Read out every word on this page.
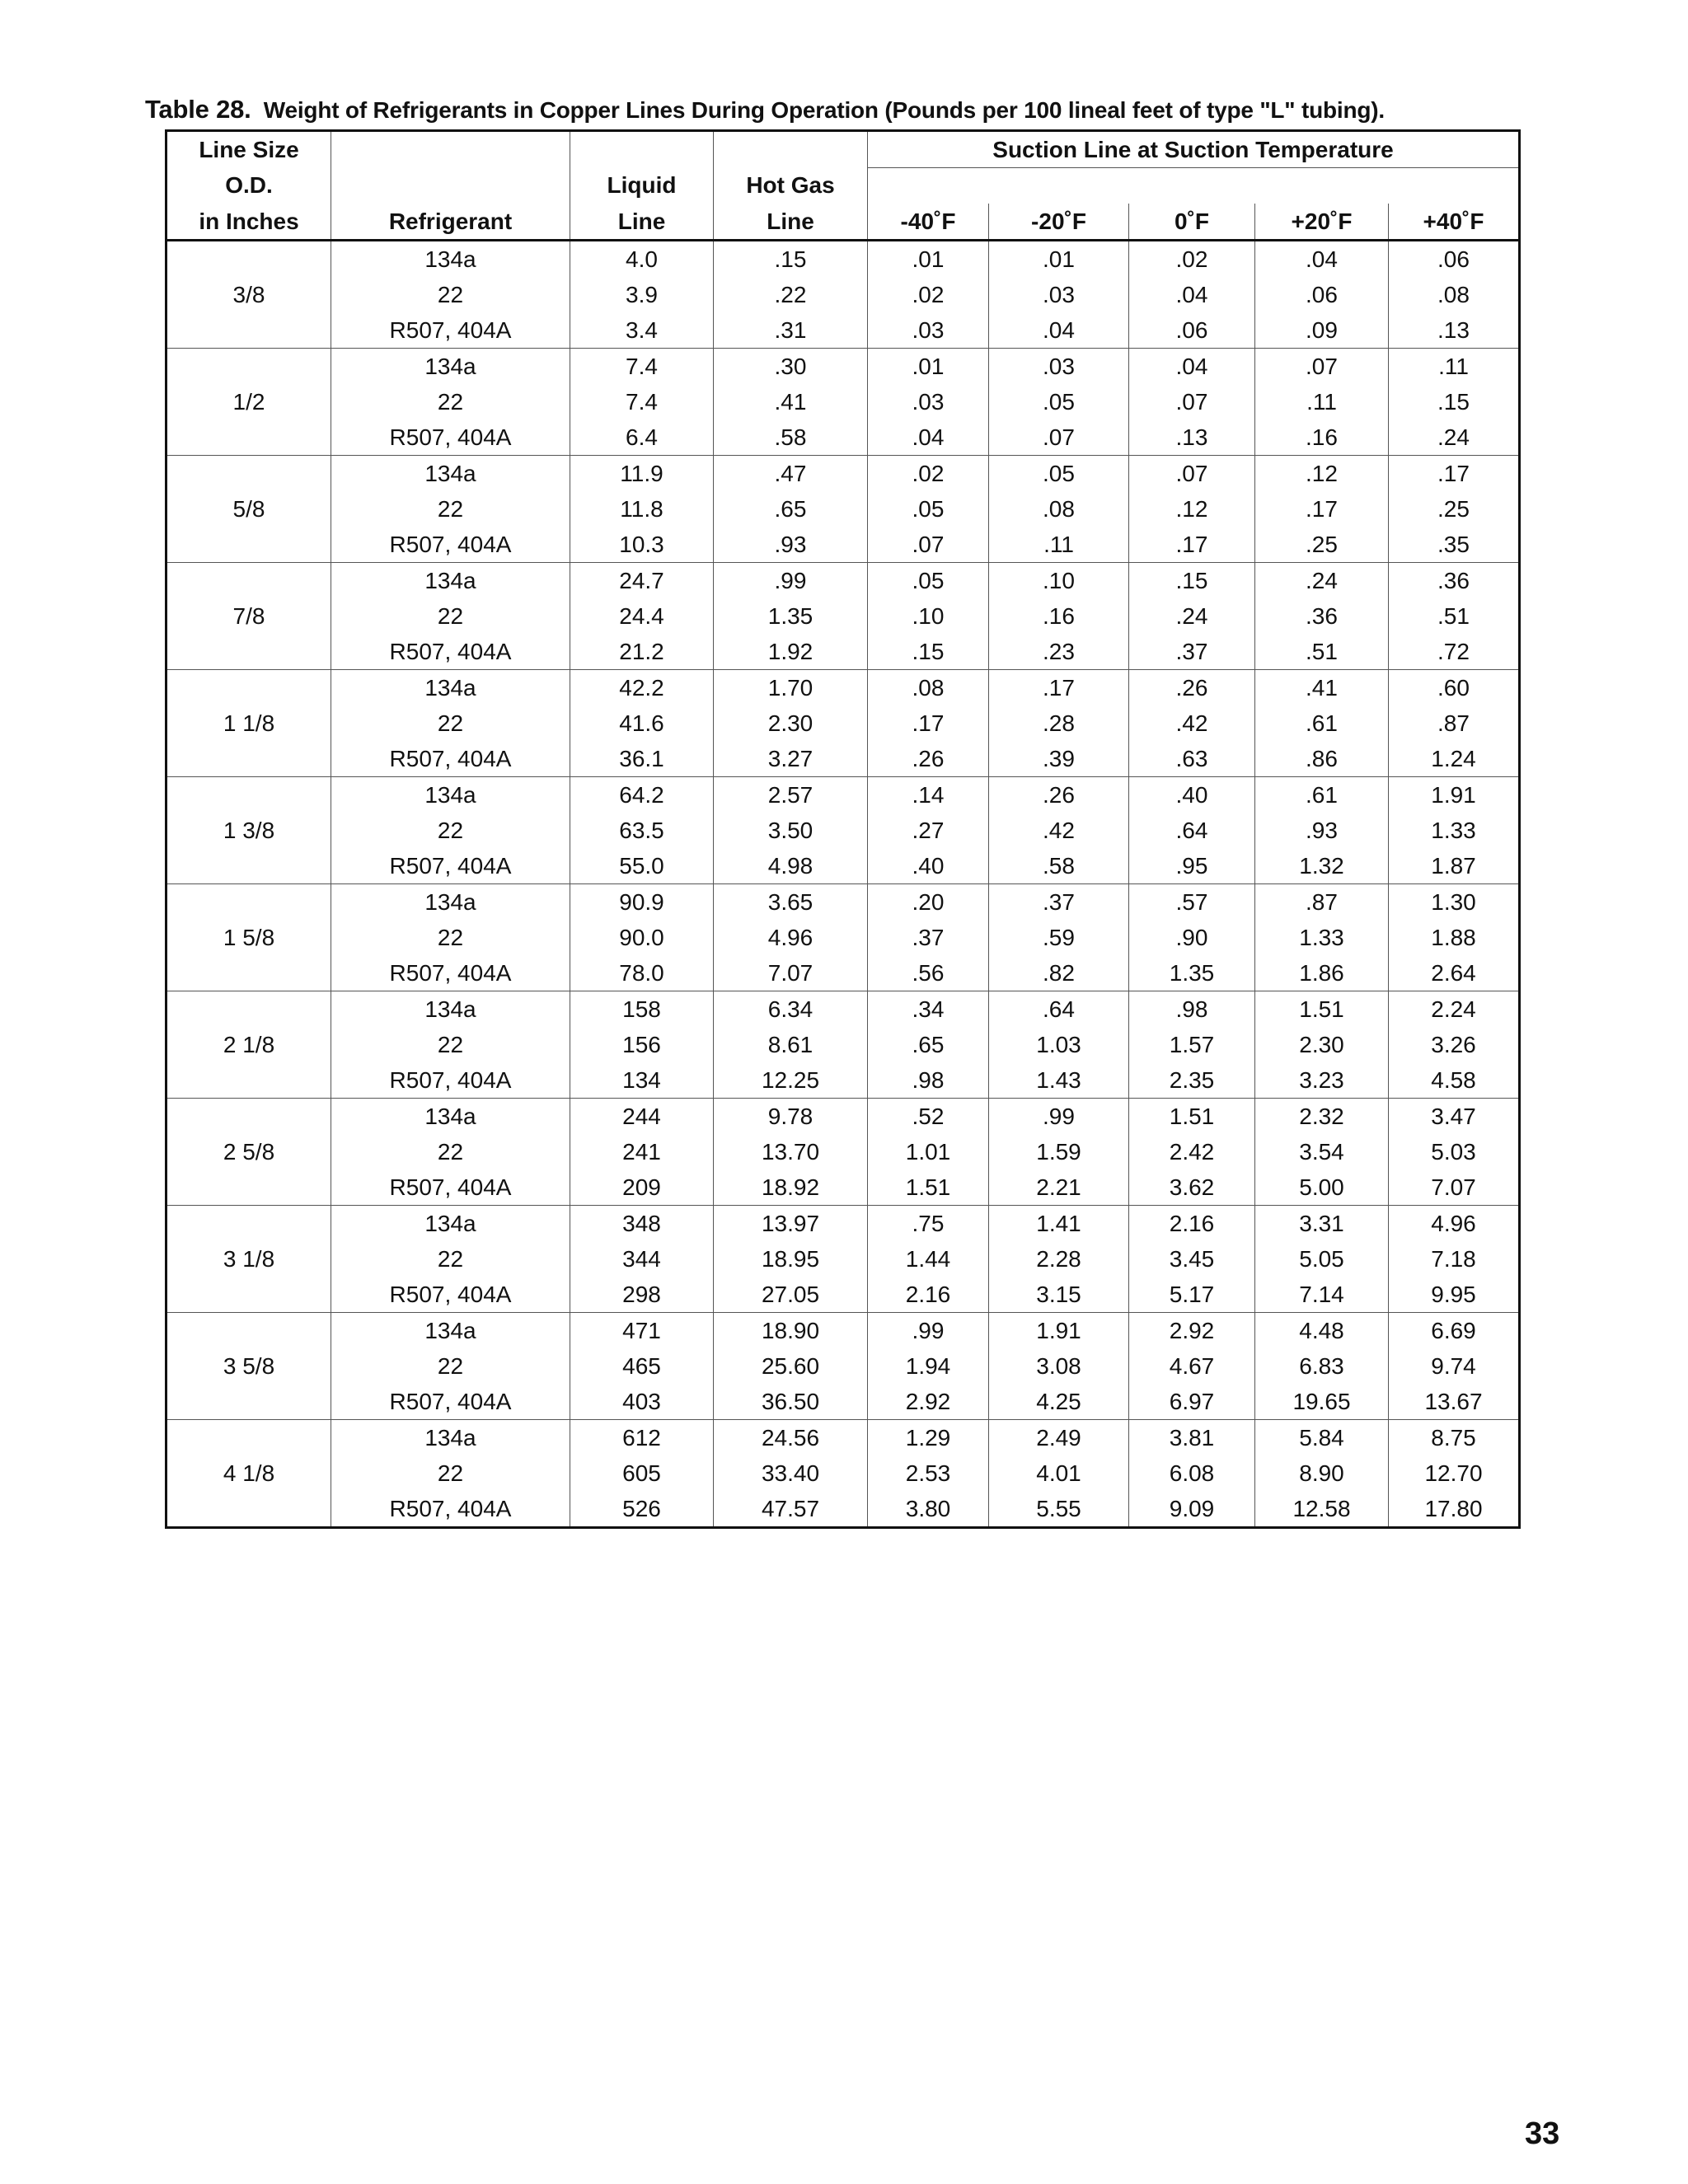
Table 28. Weight of Refrigerants in Copper Lines During Operation (Pounds per 100 lineal feet of type "L" tubing).
Line Size				Suction Line at Suction Temperature				
O.D.		Liquid	Hot Gas					
in Inches	Refrigerant	Line	Line	-40˚F	-20˚F	0˚F	+20˚F	+40˚F
3/8	134a	4.0	.15	.01	.01	.02	.04	.06
	22	3.9	.22	.02	.03	.04	.06	.08
	R507, 404A	3.4	.31	.03	.04	.06	.09	.13
1/2	134a	7.4	.30	.01	.03	.04	.07	.11
	22	7.4	.41	.03	.05	.07	.11	.15
	R507, 404A	6.4	.58	.04	.07	.13	.16	.24
5/8	134a	11.9	.47	.02	.05	.07	.12	.17
	22	11.8	.65	.05	.08	.12	.17	.25
	R507, 404A	10.3	.93	.07	.11	.17	.25	.35
7/8	134a	24.7	.99	.05	.10	.15	.24	.36
	22	24.4	1.35	.10	.16	.24	.36	.51
	R507, 404A	21.2	1.92	.15	.23	.37	.51	.72
1 1/8	134a	42.2	1.70	.08	.17	.26	.41	.60
	22	41.6	2.30	.17	.28	.42	.61	.87
	R507, 404A	36.1	3.27	.26	.39	.63	.86	1.24
1 3/8	134a	64.2	2.57	.14	.26	.40	.61	1.91
	22	63.5	3.50	.27	.42	.64	.93	1.33
	R507, 404A	55.0	4.98	.40	.58	.95	1.32	1.87
1 5/8	134a	90.9	3.65	.20	.37	.57	.87	1.30
	22	90.0	4.96	.37	.59	.90	1.33	1.88
	R507, 404A	78.0	7.07	.56	.82	1.35	1.86	2.64
2 1/8	134a	158	6.34	.34	.64	.98	1.51	2.24
	22	156	8.61	.65	1.03	1.57	2.30	3.26
	R507, 404A	134	12.25	.98	1.43	2.35	3.23	4.58
2 5/8	134a	244	9.78	.52	.99	1.51	2.32	3.47
	22	241	13.70	1.01	1.59	2.42	3.54	5.03
	R507, 404A	209	18.92	1.51	2.21	3.62	5.00	7.07
3 1/8	134a	348	13.97	.75	1.41	2.16	3.31	4.96
	22	344	18.95	1.44	2.28	3.45	5.05	7.18
	R507, 404A	298	27.05	2.16	3.15	5.17	7.14	9.95
3 5/8	134a	471	18.90	.99	1.91	2.92	4.48	6.69
	22	465	25.60	1.94	3.08	4.67	6.83	9.74
	R507, 404A	403	36.50	2.92	4.25	6.97	19.65	13.67
4 1/8	134a	612	24.56	1.29	2.49	3.81	5.84	8.75
	22	605	33.40	2.53	4.01	6.08	8.90	12.70
	R507, 404A	526	47.57	3.80	5.55	9.09	12.58	17.80
33
